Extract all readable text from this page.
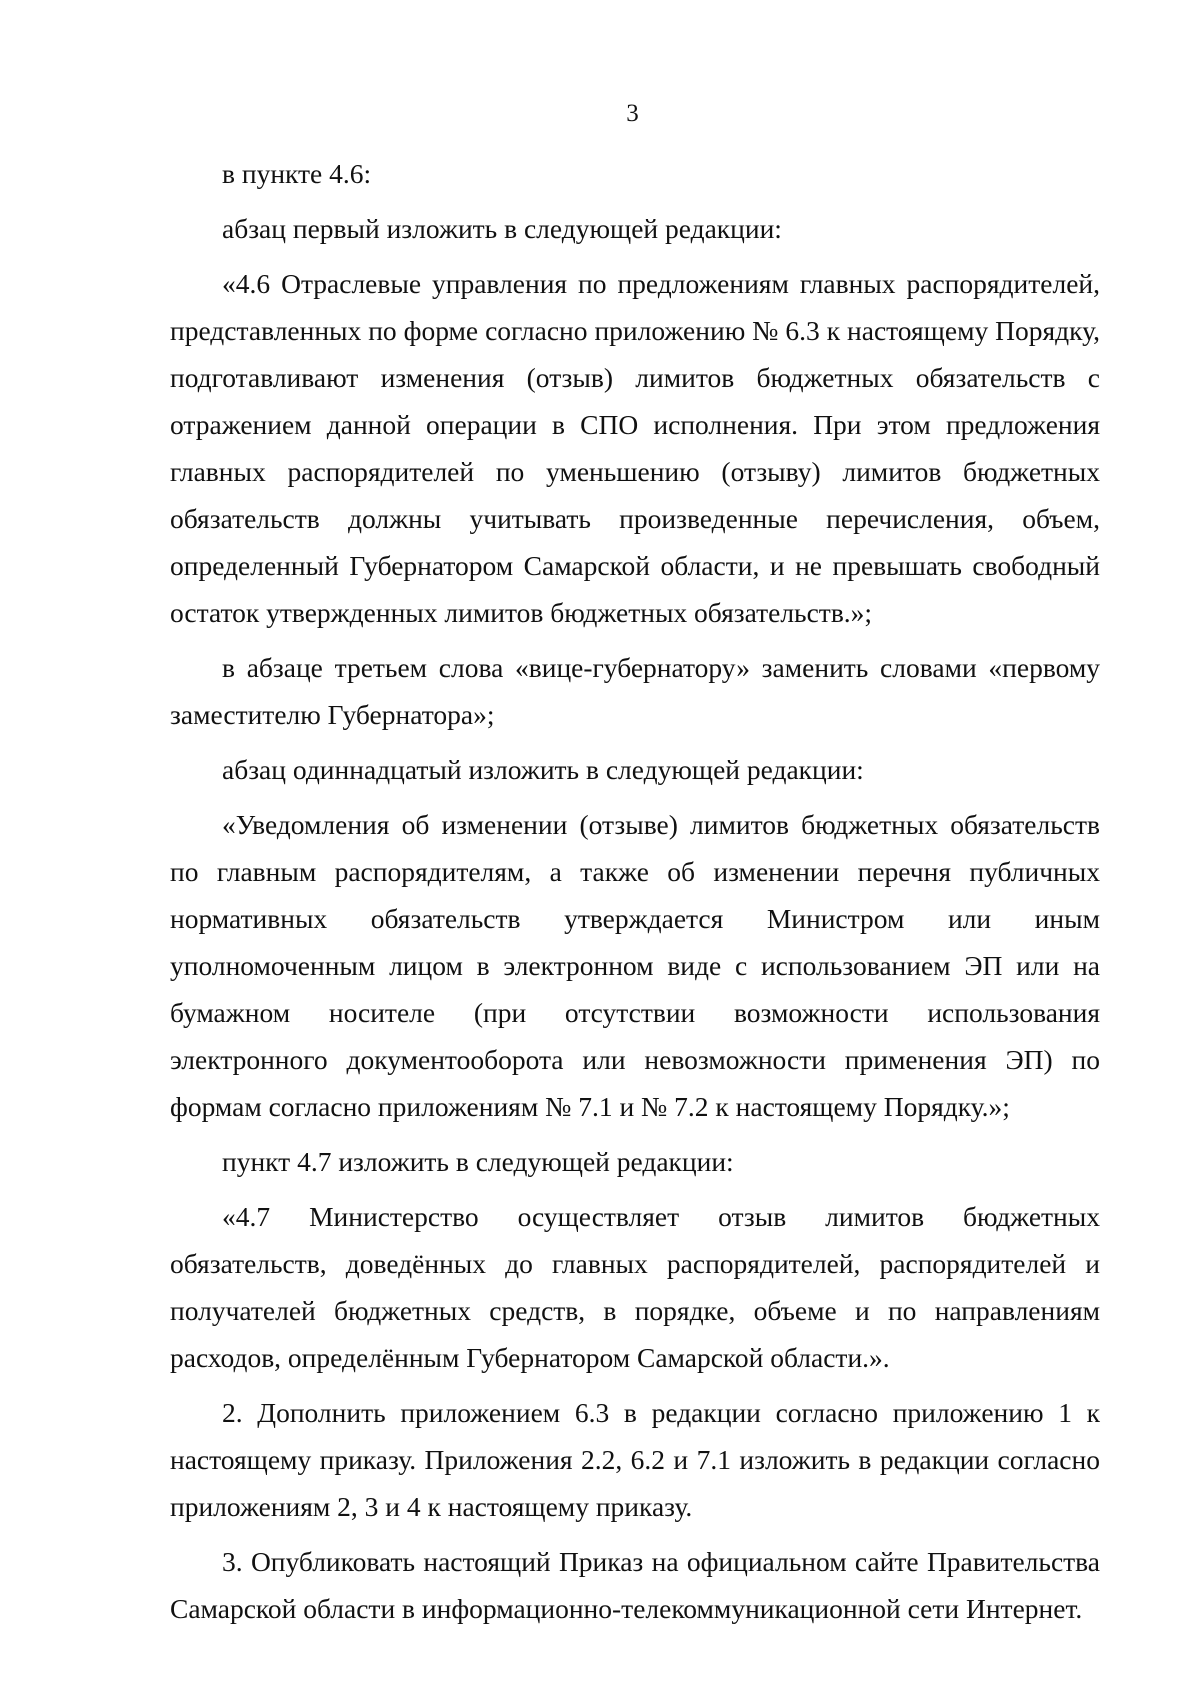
3

в пункте 4.6:

абзац первый изложить в следующей редакции:

«4.6 Отраслевые управления по предложениям главных распорядителей, представленных по форме согласно приложению № 6.3 к настоящему Порядку, подготавливают изменения (отзыв) лимитов бюджетных обязательств с отражением данной операции в СПО исполнения. При этом предложения главных распорядителей по уменьшению (отзыву) лимитов бюджетных обязательств должны учитывать произведенные перечисления, объем, определенный Губернатором Самарской области, и не превышать свободный остаток утвержденных лимитов бюджетных обязательств.»;

в абзаце третьем слова «вице-губернатору» заменить словами «первому заместителю Губернатора»;

абзац одиннадцатый изложить в следующей редакции:

«Уведомления об изменении (отзыве) лимитов бюджетных обязательств по главным распорядителям, а также об изменении перечня публичных нормативных обязательств утверждается Министром или иным уполномоченным лицом в электронном виде с использованием ЭП или на бумажном носителе (при отсутствии возможности использования электронного документооборота или невозможности применения ЭП) по формам согласно приложениям № 7.1 и № 7.2 к настоящему Порядку.»;

пункт 4.7 изложить в следующей редакции:

«4.7 Министерство осуществляет отзыв лимитов бюджетных обязательств, доведённых до главных распорядителей, распорядителей и получателей бюджетных средств, в порядке, объеме и по направлениям расходов, определённым Губернатором Самарской области.».

2. Дополнить приложением 6.3 в редакции согласно приложению 1 к настоящему приказу. Приложения 2.2, 6.2 и 7.1 изложить в редакции согласно приложениям 2, 3 и 4 к настоящему приказу.

3. Опубликовать настоящий Приказ на официальном сайте Правительства Самарской области в информационно-телекоммуникационной сети Интернет.
